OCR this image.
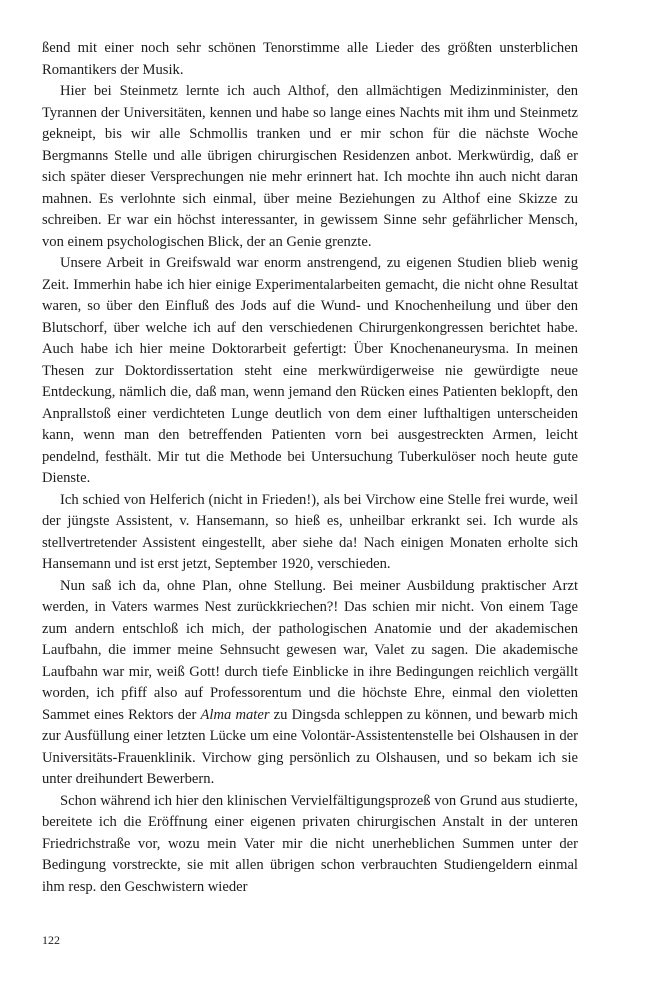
ßend mit einer noch sehr schönen Tenorstimme alle Lieder des größten unsterblichen Romantikers der Musik.

Hier bei Steinmetz lernte ich auch Althof, den allmächtigen Medizinminister, den Tyrannen der Universitäten, kennen und habe so lange eines Nachts mit ihm und Steinmetz gekneipt, bis wir alle Schmollis tranken und er mir schon für die nächste Woche Bergmanns Stelle und alle übrigen chirurgischen Residenzen anbot. Merkwürdig, daß er sich später dieser Versprechungen nie mehr erinnert hat. Ich mochte ihn auch nicht daran mahnen. Es verlohnte sich einmal, über meine Beziehungen zu Althof eine Skizze zu schreiben. Er war ein höchst interessanter, in gewissem Sinne sehr gefährlicher Mensch, von einem psychologischen Blick, der an Genie grenzte.

Unsere Arbeit in Greifswald war enorm anstrengend, zu eigenen Studien blieb wenig Zeit. Immerhin habe ich hier einige Experimentalarbeiten gemacht, die nicht ohne Resultat waren, so über den Einfluß des Jods auf die Wund- und Knochenheilung und über den Blutschorf, über welche ich auf den verschiedenen Chirurgenkongressen berichtet habe. Auch habe ich hier meine Doktorarbeit gefertigt: Über Knochenaneurysma. In meinen Thesen zur Doktordissertation steht eine merkwürdigerweise nie gewürdigte neue Entdeckung, nämlich die, daß man, wenn jemand den Rücken eines Patienten beklopft, den Anprallstoß einer verdichteten Lunge deutlich von dem einer lufthaltigen unterscheiden kann, wenn man den betreffenden Patienten vorn bei ausgestreckten Armen, leicht pendelnd, festhält. Mir tut die Methode bei Untersuchung Tuberkulöser noch heute gute Dienste.

Ich schied von Helferich (nicht in Frieden!), als bei Virchow eine Stelle frei wurde, weil der jüngste Assistent, v. Hansemann, so hieß es, unheilbar erkrankt sei. Ich wurde als stellvertretender Assistent eingestellt, aber siehe da! Nach einigen Monaten erholte sich Hansemann und ist erst jetzt, September 1920, verschieden.

Nun saß ich da, ohne Plan, ohne Stellung. Bei meiner Ausbildung praktischer Arzt werden, in Vaters warmes Nest zurückkriechen?! Das schien mir nicht. Von einem Tage zum andern entschloß ich mich, der pathologischen Anatomie und der akademischen Laufbahn, die immer meine Sehnsucht gewesen war, Valet zu sagen. Die akademische Laufbahn war mir, weiß Gott! durch tiefe Einblicke in ihre Bedingungen reichlich vergällt worden, ich pfiff also auf Professorentum und die höchste Ehre, einmal den violetten Sammet eines Rektors der Alma mater zu Dingsda schleppen zu können, und bewarb mich zur Ausfüllung einer letzten Lücke um eine Volontär-Assistentenstelle bei Olshausen in der Universitäts-Frauenklinik. Virchow ging persönlich zu Olshausen, und so bekam ich sie unter dreihundert Bewerbern.

Schon während ich hier den klinischen Vervielfältigungsprozeß von Grund aus studierte, bereitete ich die Eröffnung einer eigenen privaten chirurgischen Anstalt in der unteren Friedrichstraße vor, wozu mein Vater mir die nicht unerheblichen Summen unter der Bedingung vorstreckte, sie mit allen übrigen schon verbrauchten Studiengeldern einmal ihm resp. den Geschwistern wieder

122
